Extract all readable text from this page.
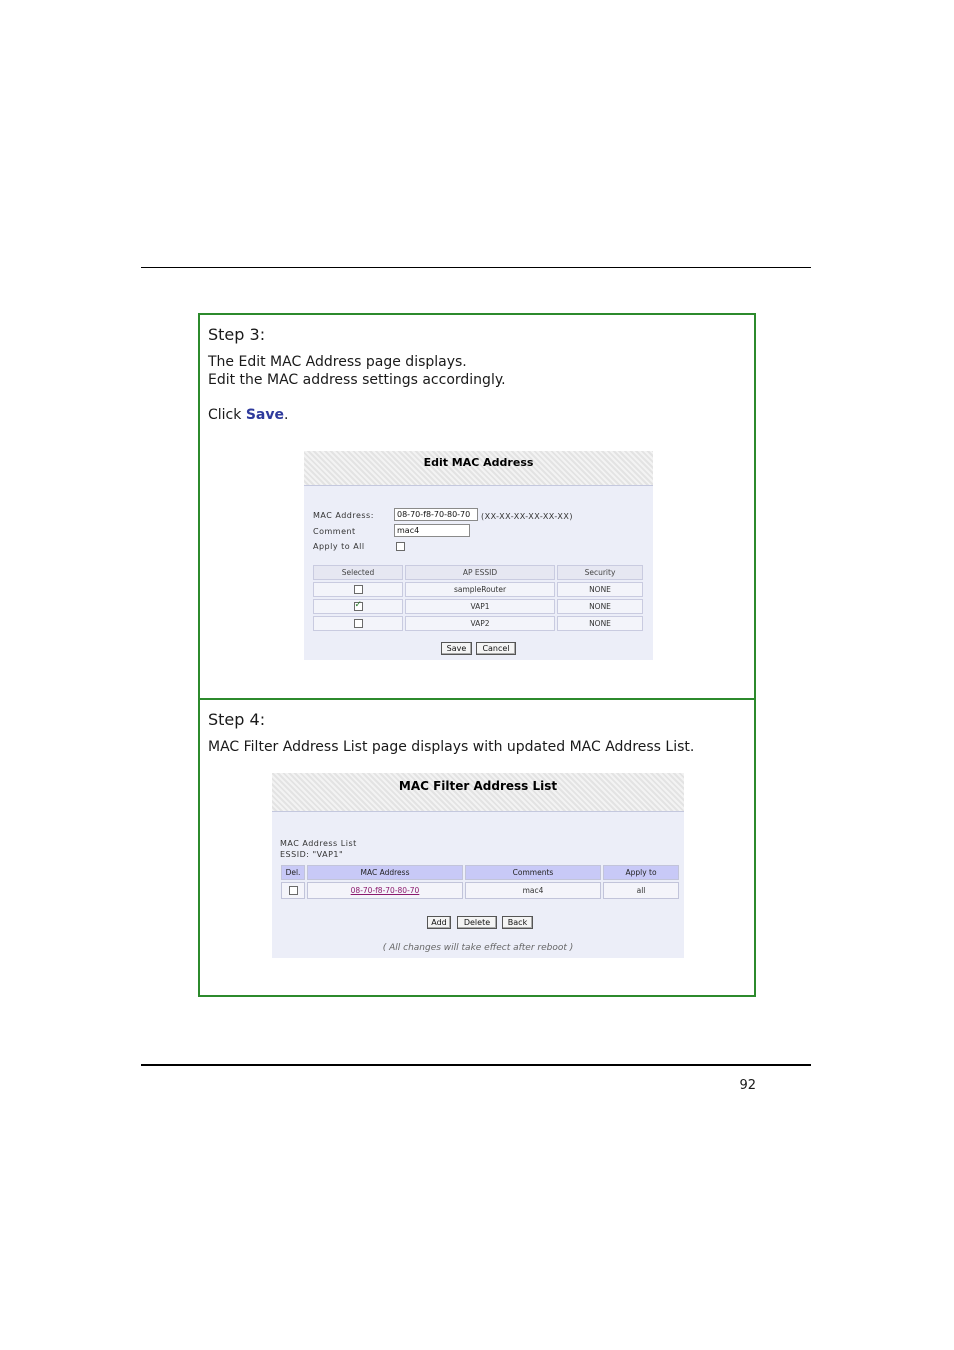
Step 3:
The Edit MAC Address page displays.
Edit the MAC address settings accordingly.
Click Save.
Edit MAC Address
MAC Address:	08-70-f8-70-80-70	(XX-XX-XX-XX-XX-XX)
Comment	mac4
Apply to All
Selected	AP ESSID	Security
	sampleRouter	NONE
✓	VAP1	NONE
	VAP2	NONE
Save	Cancel
Step 4:
MAC Filter Address List page displays with updated MAC Address List.
MAC Filter Address List
MAC Address List
ESSID: "VAP1"
Del.	MAC Address	Comments	Apply to
	08-70-f8-70-80-70	mac4	all
Add	Delete	Back
( All changes will take effect after reboot )
92
